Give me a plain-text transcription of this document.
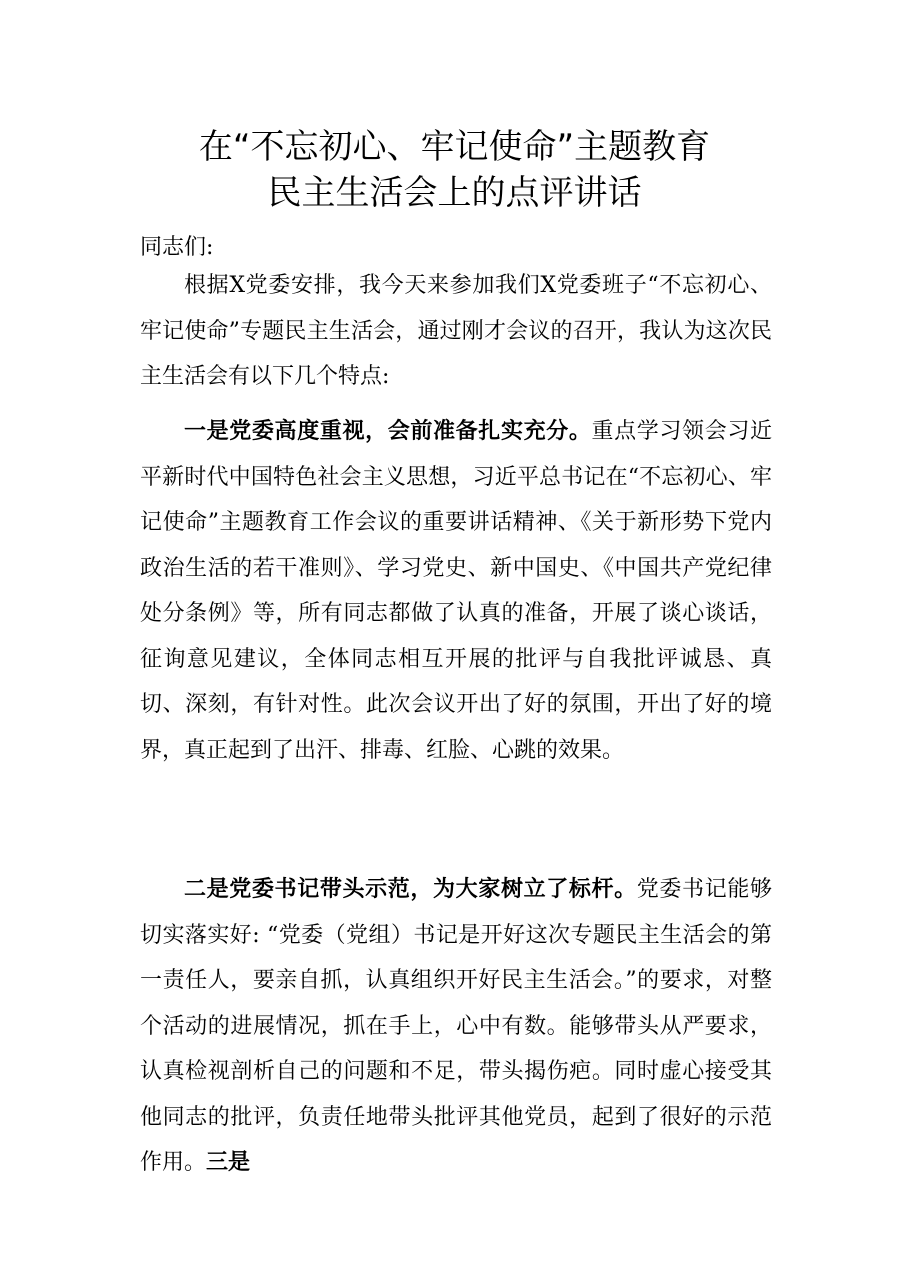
在“不忘初心、牢记使命”主题教育
民主生活会上的点评讲话

同志们:

根据X党委安排，我今天来参加我们X党委班子“不忘初心、牢记使命”专题民主生活会，通过刚才会议的召开，我认为这次民主生活会有以下几个特点:

一是党委高度重视，会前准备扎实充分。重点学习领会习近平新时代中国特色社会主义思想，习近平总书记在“不忘初心、牢记使命”主题教育工作会议的重要讲话精神、《关于新形势下党内政治生活的若干准则》、学习党史、新中国史、《中国共产党纪律处分条例》等，所有同志都做了认真的准备，开展了谈心谈话，征询意见建议，全体同志相互开展的批评与自我批评诚恳、真切、深刻，有针对性。此次会议开出了好的氛围，开出了好的境界，真正起到了出汗、排毒、红脸、心跳的效果。

二是党委书记带头示范，为大家树立了标杆。党委书记能够切实落实好: “党委（党组）书记是开好这次专题民主生活会的第一责任人，要亲自抓，认真组织开好民主生活会。”的要求，对整个活动的进展情况，抓在手上，心中有数。能够带头从严要求，认真检视剖析自己的问题和不足，带头揭伤疤。同时虚心接受其他同志的批评，负责任地带头批评其他党员，起到了很好的示范作用。三是
